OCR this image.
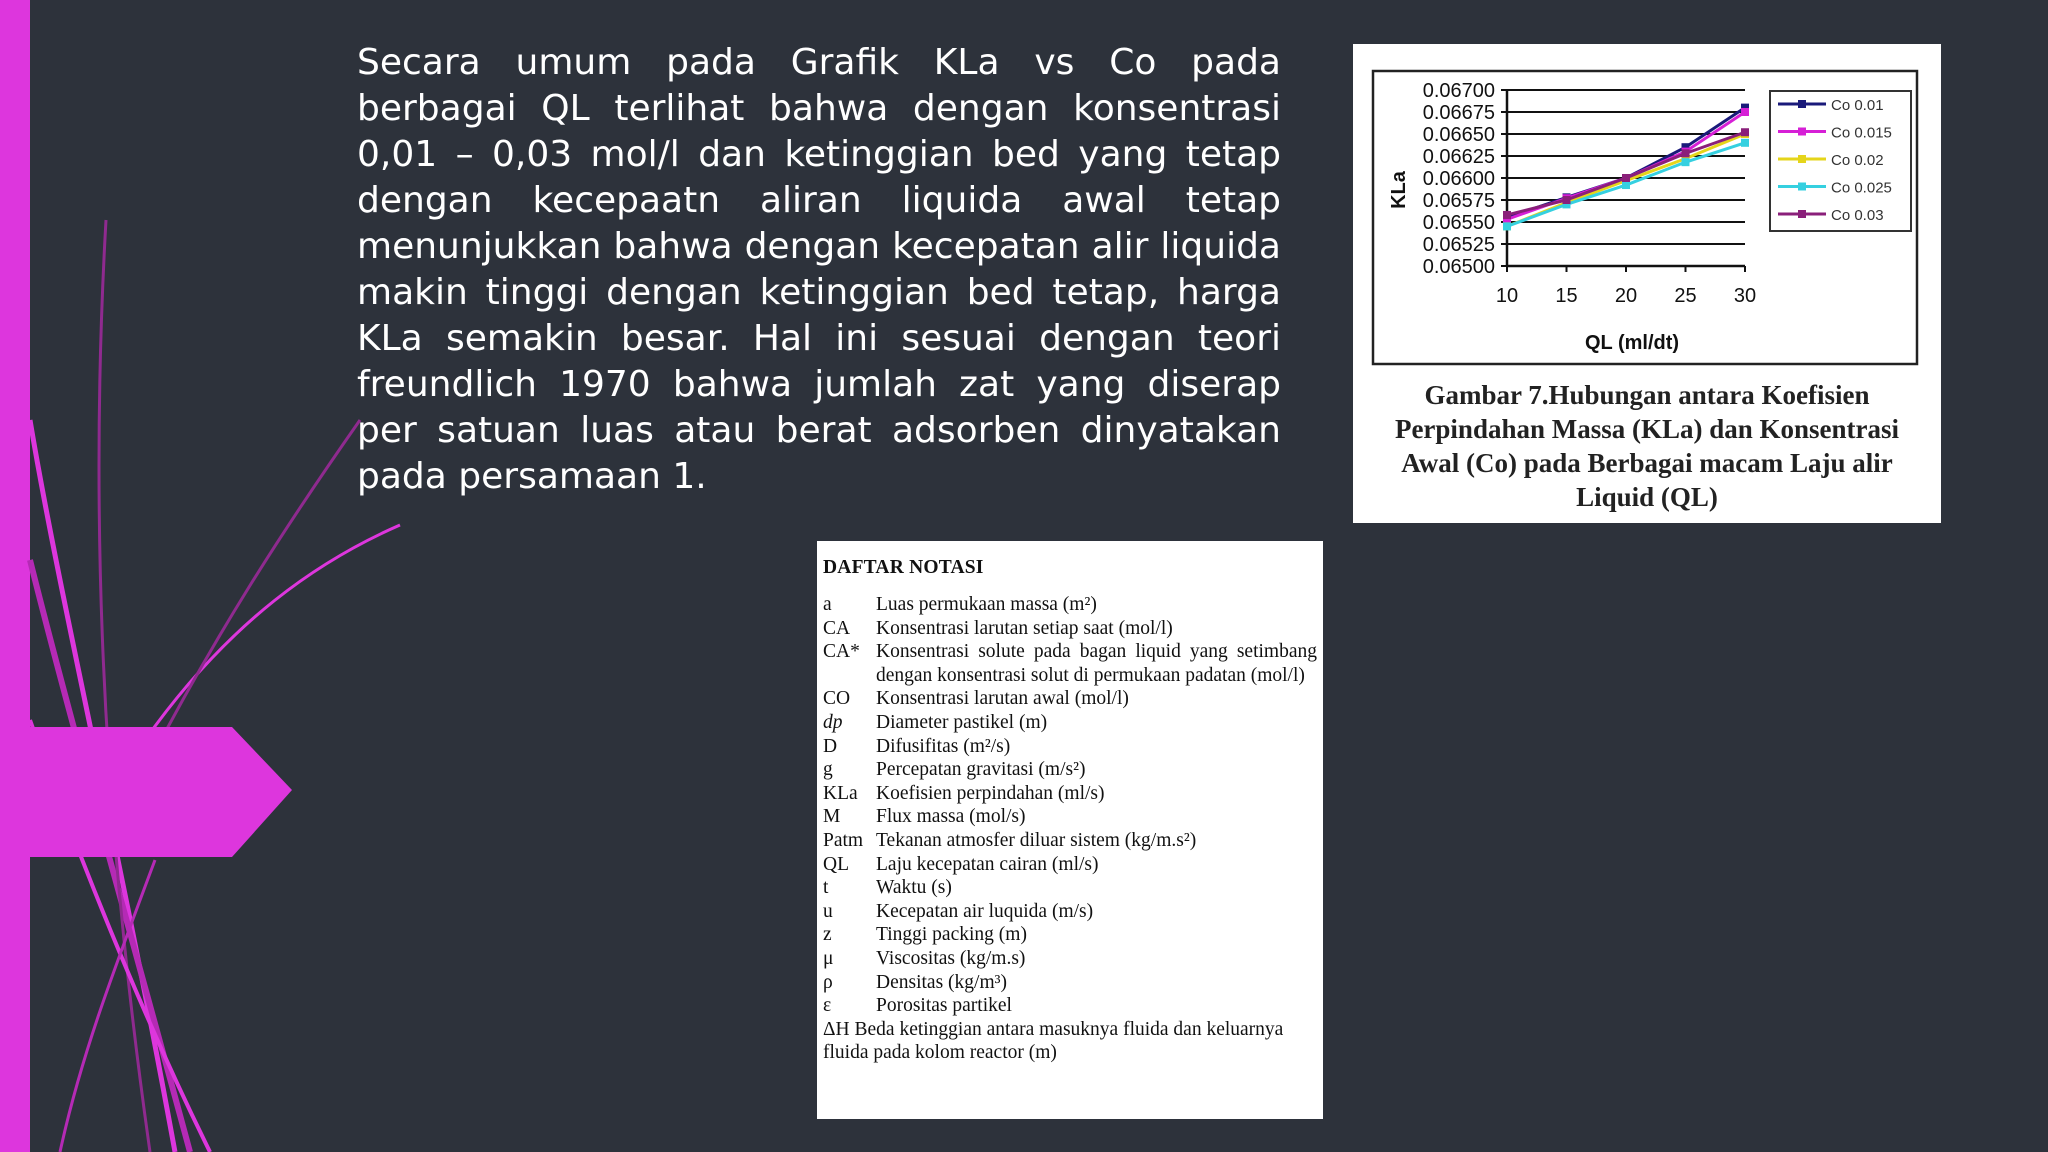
Secara umum pada Grafik KLa vs Co pada berbagai QL terlihat bahwa dengan konsentrasi 0,01 – 0,03 mol/l dan ketinggian bed yang tetap dengan kecepaatn aliran liquida awal tetap menunjukkan bahwa dengan kecepatan alir liquida makin tinggi dengan ketinggian bed tetap, harga KLa semakin besar. Hal ini sesuai dengan teori freundlich 1970 bahwa jumlah zat yang diserap per satuan luas atau berat adsorben dinyatakan pada persamaan 1.

0.06700
0.06675
0.06650
0.06625
0.06600
0.06575
0.06550
0.06525
0.06500
10 15 20 25 30
Co 0.01
Co 0.015
Co 0.02
Co 0.025
Co 0.03
KLa
QL (ml/dt)
Gambar 7.Hubungan antara Koefisien
Perpindahan Massa (KLa) dan Konsentrasi
Awal (Co) pada Berbagai macam Laju alir
Liquid (QL)
DAFTAR NOTASI
a	Luas permukaan massa (m²)
CA	Konsentrasi larutan setiap saat (mol/l)
CA* Konsentrasi solute pada bagan liquid yang setimbang dengan konsentrasi solut di permukaan padatan (mol/l)
CO	Konsentrasi larutan awal (mol/l)
dp	Diameter pastikel (m)
D	Difusifitas (m²/s)
g	Percepatan gravitasi (m/s²)
KLa Koefisien perpindahan (ml/s)
M	Flux massa (mol/s)
Patm Tekanan atmosfer diluar sistem (kg/m.s²)
QL	Laju kecepatan cairan (ml/s)
t	Waktu (s)
u	Kecepatan air luquida (m/s)
z	Tinggi packing (m)
μ	Viscositas (kg/m.s)
ρ	Densitas (kg/m³)
ε	Porositas partikel
ΔH Beda ketinggian antara masuknya fluida dan keluarnya fluida pada kolom reactor (m)
